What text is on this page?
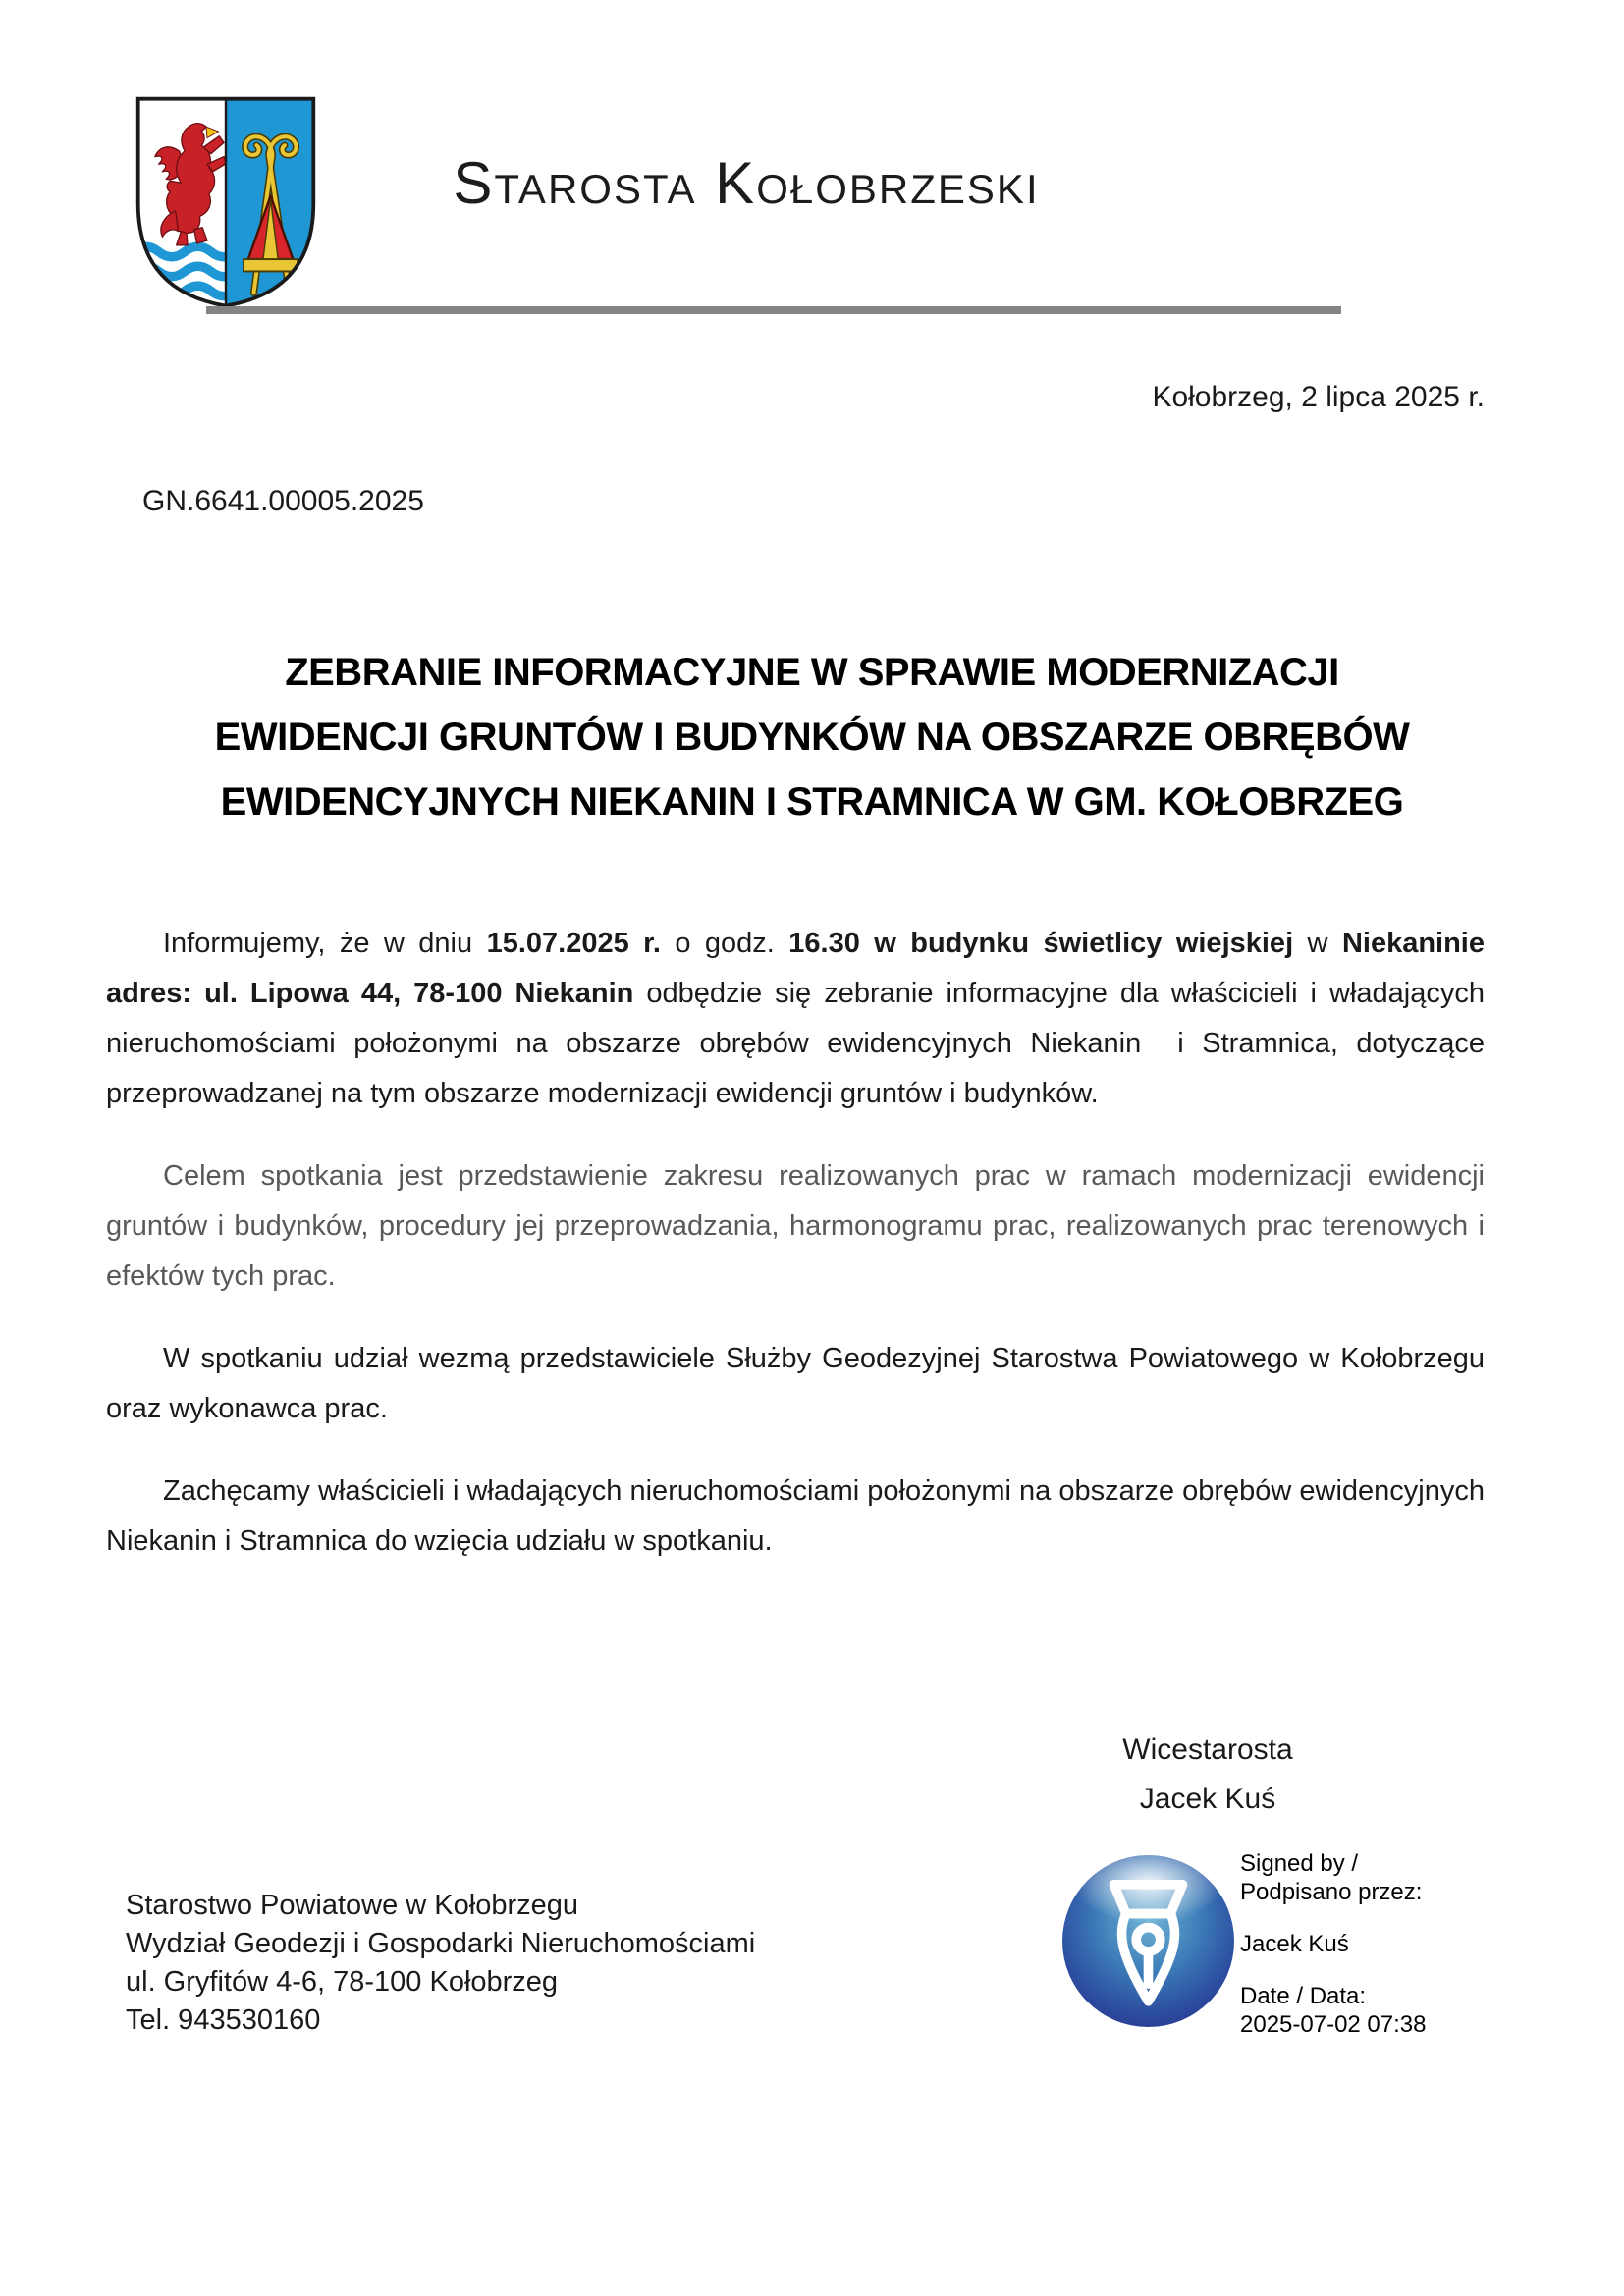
Starosta Kołobrzeski
Kołobrzeg, 2 lipca 2025 r.
GN.6641.00005.2025
ZEBRANIE INFORMACYJNE W SPRAWIE MODERNIZACJI
EWIDENCJI GRUNTÓW I BUDYNKÓW NA OBSZARZE OBRĘBÓW
EWIDENCYJNYCH NIEKANIN I STRAMNICA W GM. KOŁOBRZEG

Informujemy, że w dniu 15.07.2025 r. o godz. 16.30 w budynku świetlicy wiejskiej w Niekaninie  adres: ul. Lipowa 44, 78-100 Niekanin odbędzie się zebranie informacyjne dla właścicieli i władających nieruchomościami położonymi na obszarze obrębów ewidencyjnych Niekanin  i Stramnica, dotyczące przeprowadzanej na tym obszarze modernizacji ewidencji gruntów i budynków.

Celem spotkania jest przedstawienie zakresu realizowanych prac w ramach modernizacji ewidencji gruntów i budynków, procedury jej przeprowadzania, harmonogramu prac, realizowanych prac terenowych i efektów tych prac.

W spotkaniu udział wezmą przedstawiciele Służby Geodezyjnej Starostwa Powiatowego w Kołobrzegu oraz wykonawca prac.

Zachęcamy właścicieli i władających nieruchomościami położonymi na obszarze obrębów ewidencyjnych Niekanin i Stramnica do wzięcia udziału w spotkaniu.

Wicestarosta
Jacek Kuś
Starostwo Powiatowe w Kołobrzegu
Wydział Geodezji i Gospodarki Nieruchomościami
ul. Gryfitów 4-6, 78-100 Kołobrzeg
Tel. 943530160
Signed by /
Podpisano przez:
Jacek Kuś
Date / Data:
2025-07-02 07:38
